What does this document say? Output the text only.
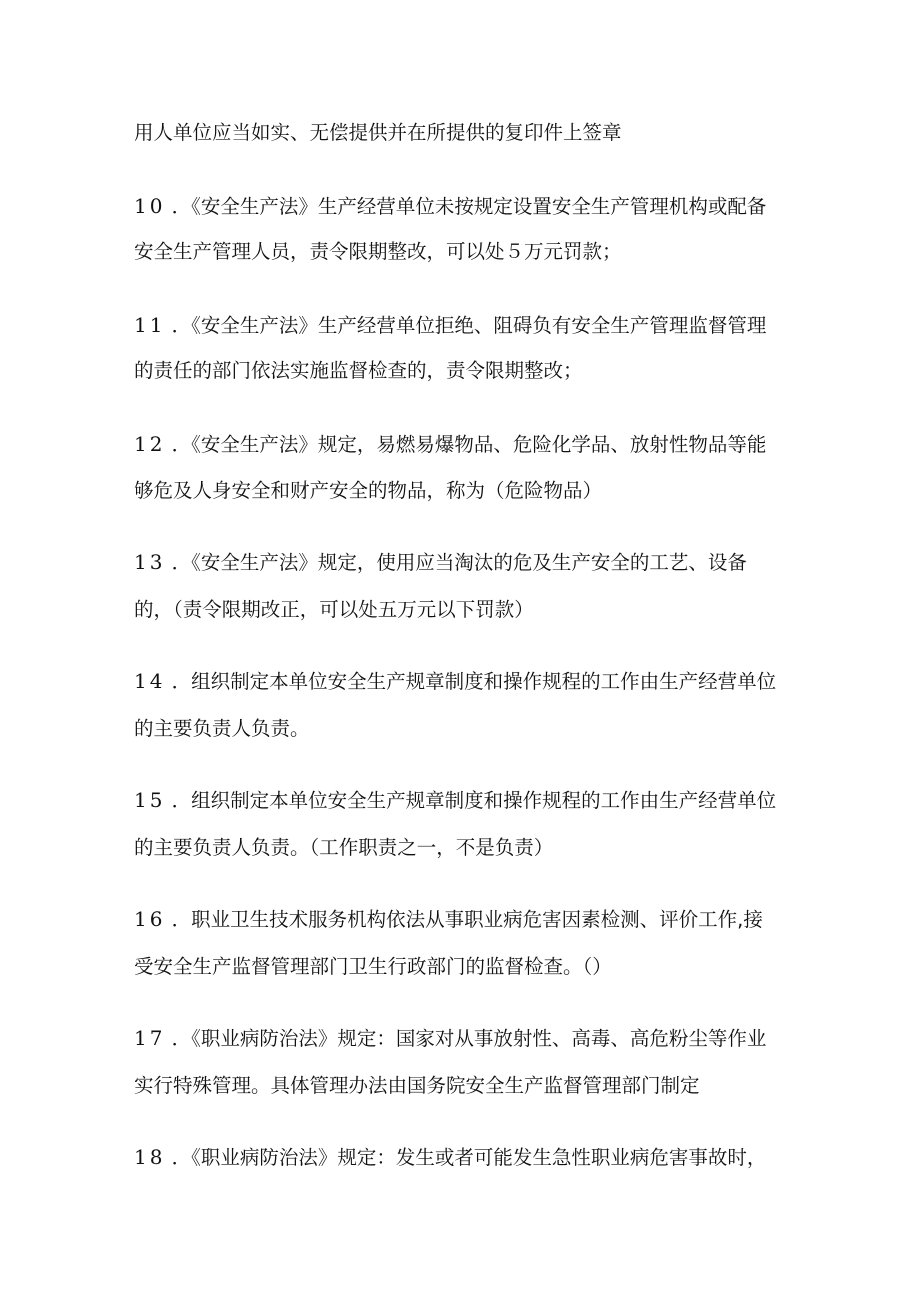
用人单位应当如实、无偿提供并在所提供的复印件上签章

10 ．《安全生产法》生产经营单位未按规定设置安全生产管理机构或配备

安全生产管理人员，责令限期整改，可以处５万元罚款；

11 ．《安全生产法》生产经营单位拒绝、阻碍负有安全生产管理监督管理

的责任的部门依法实施监督检查的，责令限期整改；

12 ．《安全生产法》规定，易燃易爆物品、危险化学品、放射性物品等能

够危及人身安全和财产安全的物品，称为（危险物品）

13 ．《安全生产法》规定，使用应当淘汰的危及生产安全的工艺、设备

的，（责令限期改正，可以处五万元以下罚款）

14 ．组织制定本单位安全生产规章制度和操作规程的工作由生产经营单位

的主要负责人负责。

15 ．组织制定本单位安全生产规章制度和操作规程的工作由生产经营单位

的主要负责人负责。（工作职责之一，不是负责）

16 ．职业卫生技术服务机构依法从事职业病危害因素检测、评价工作,接

受安全生产监督管理部门卫生行政部门的监督检查。（）

17 ．《职业病防治法》规定：国家对从事放射性、高毒、高危粉尘等作业

实行特殊管理。具体管理办法由国务院安全生产监督管理部门制定

18 ．《职业病防治法》规定：发生或者可能发生急性职业病危害事故时，
